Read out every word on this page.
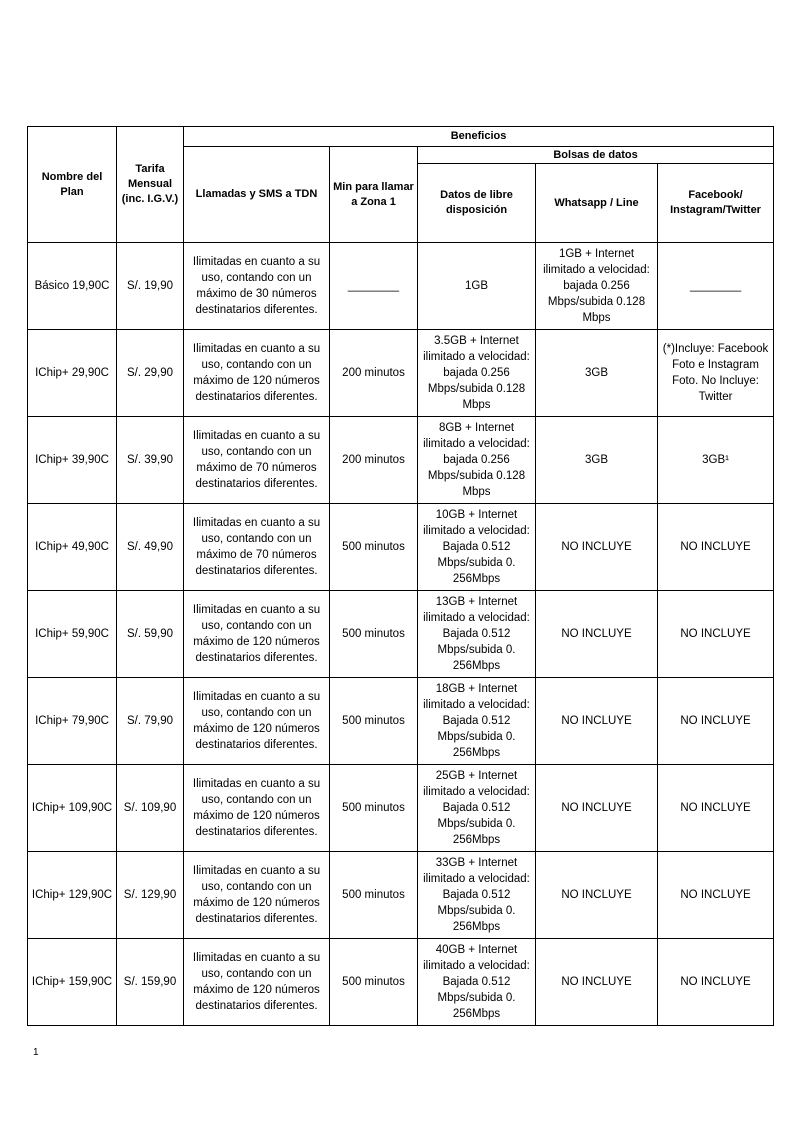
Nombre del Plan	Tarifa Mensual (inc. I.G.V.)	Beneficios				
		Llamadas y SMS a TDN	Min para llamar a Zona 1	Bolsas de datos		
				Datos de libre disposición	Whatsapp / Line	Facebook/ Instagram/Twitter
Básico 19,90C	S/. 19,90	Ilimitadas en cuanto a su uso, contando con un máximo de 30 números destinatarios diferentes.	________	1GB	1GB + Internet ilimitado a velocidad: bajada 0.256 Mbps/subida 0.128 Mbps	________
IChip+ 29,90C	S/. 29,90	Ilimitadas en cuanto a su uso, contando con un máximo de 120 números destinatarios diferentes.	200 minutos	3.5GB + Internet ilimitado a velocidad: bajada 0.256 Mbps/subida 0.128 Mbps	3GB	(*)Incluye: Facebook Foto e Instagram Foto. No Incluye: Twitter
IChip+ 39,90C	S/. 39,90	Ilimitadas en cuanto a su uso, contando con un máximo de 70 números destinatarios diferentes.	200 minutos	8GB + Internet ilimitado a velocidad: bajada 0.256 Mbps/subida 0.128 Mbps	3GB	3GB¹
IChip+ 49,90C	S/. 49,90	Ilimitadas en cuanto a su uso, contando con un máximo de 70 números destinatarios diferentes.	500 minutos	10GB + Internet ilimitado a velocidad: Bajada 0.512 Mbps/subida 0. 256Mbps	NO INCLUYE	NO INCLUYE
IChip+ 59,90C	S/. 59,90	Ilimitadas en cuanto a su uso, contando con un máximo de 120 números destinatarios diferentes.	500 minutos	13GB + Internet ilimitado a velocidad: Bajada 0.512 Mbps/subida 0. 256Mbps	NO INCLUYE	NO INCLUYE
IChip+ 79,90C	S/. 79,90	Ilimitadas en cuanto a su uso, contando con un máximo de 120 números destinatarios diferentes.	500 minutos	18GB + Internet ilimitado a velocidad: Bajada 0.512 Mbps/subida 0. 256Mbps	NO INCLUYE	NO INCLUYE
IChip+ 109,90C	S/. 109,90	Ilimitadas en cuanto a su uso, contando con un máximo de 120 números destinatarios diferentes.	500 minutos	25GB + Internet ilimitado a velocidad: Bajada 0.512 Mbps/subida 0. 256Mbps	NO INCLUYE	NO INCLUYE
IChip+ 129,90C	S/. 129,90	Ilimitadas en cuanto a su uso, contando con un máximo de 120 números destinatarios diferentes.	500 minutos	33GB + Internet ilimitado a velocidad: Bajada 0.512 Mbps/subida 0. 256Mbps	NO INCLUYE	NO INCLUYE
IChip+ 159,90C	S/. 159,90	Ilimitadas en cuanto a su uso, contando con un máximo de 120 números destinatarios diferentes.	500 minutos	40GB + Internet ilimitado a velocidad: Bajada 0.512 Mbps/subida 0. 256Mbps	NO INCLUYE	NO INCLUYE
1
